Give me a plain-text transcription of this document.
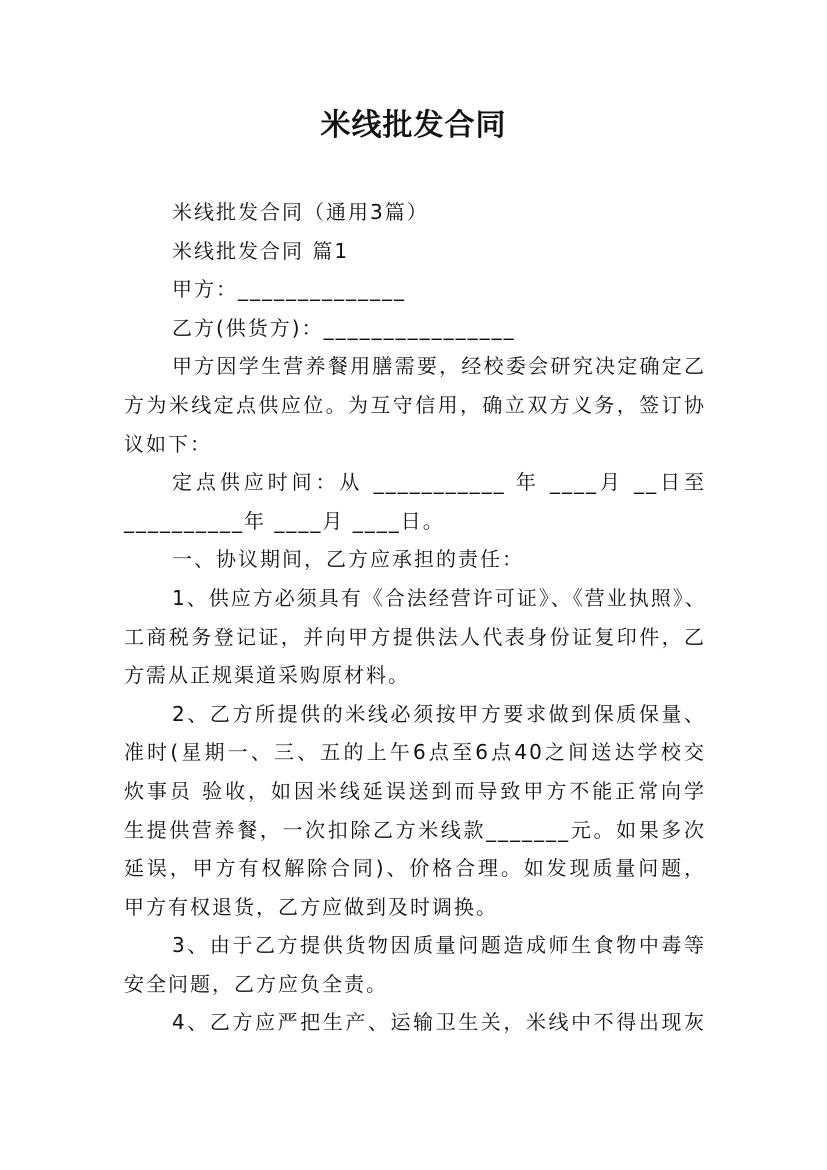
米线批发合同
米线批发合同（通用3篇）
米线批发合同 篇1
甲方：______________
乙方(供货方)：________________
甲方因学生营养餐用膳需要，经校委会研究决定确定乙
方为米线定点供应位。为互守信用，确立双方义务，签订协
议如下：
定点供应时间：从 ___________ 年 ____月 __日至
__________年 ____月 ____日。
一、协议期间，乙方应承担的责任：
1、供应方必须具有《合法经营许可证》、《营业执照》、
工商税务登记证，并向甲方提供法人代表身份证复印件，乙
方需从正规渠道采购原材料。
2、乙方所提供的米线必须按甲方要求做到保质保量、
准时(星期一、三、五的上午6点至6点40之间送达学校交
炊事员 验收，如因米线延误送到而导致甲方不能正常向学
生提供营养餐，一次扣除乙方米线款_______元。如果多次
延误，甲方有权解除合同)、价格合理。如发现质量问题，
甲方有权退货，乙方应做到及时调换。
3、由于乙方提供货物因质量问题造成师生食物中毒等
安全问题，乙方应负全责。
4、乙方应严把生产、运输卫生关，米线中不得出现灰
